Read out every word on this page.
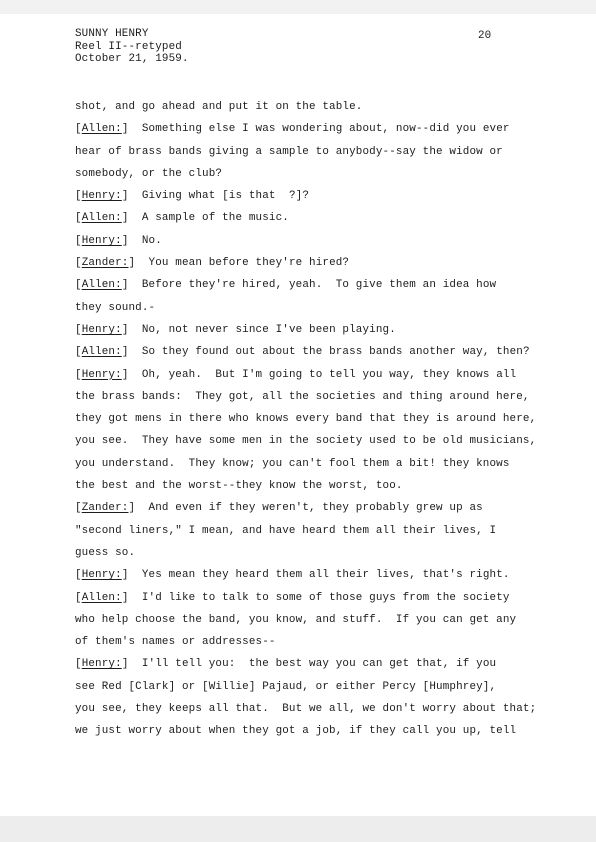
SUNNY HENRY
Reel II--retyped
October 21, 1959.
20
shot, and go ahead and put it on the table.
[Allen:]  Something else I was wondering about, now--did you ever
hear of brass bands giving a sample to anybody--say the widow or
somebody, or the club?
[Henry:]  Giving what [is that  ?]?
[Allen:]  A sample of the music.
[Henry:]  No.
[Zander:]  You mean before they're hired?
[Allen:]  Before they're hired, yeah.  To give them an idea how
they sound.-
[Henry:]  No, not never since I've been playing.
[Allen:]  So they found out about the brass bands another way, then?
[Henry:]  Oh, yeah.  But I'm going to tell you way, they knows all
the brass bands:  They got, all the societies and thing around here,
they got mens in there who knows every band that they is around here,
you see.  They have some men in the society used to be old musicians,
you understand.  They know; you can't fool them a bit! they knows
the best and the worst--they know the worst, too.
[Zander:]  And even if they weren't, they probably grew up as
"second liners," I mean, and have heard them all their lives, I
guess so.
[Henry:]  Yes mean they heard them all their lives, that's right.
[Allen:]  I'd like to talk to some of those guys from the society
who help choose the band, you know, and stuff.  If you can get any
of them's names or addresses--
[Henry:]  I'll tell you:  the best way you can get that, if you
see Red [Clark] or [Willie] Pajaud, or either Percy [Humphrey],
you see, they keeps all that.  But we all, we don't worry about that;
we just worry about when they got a job, if they call you up, tell
